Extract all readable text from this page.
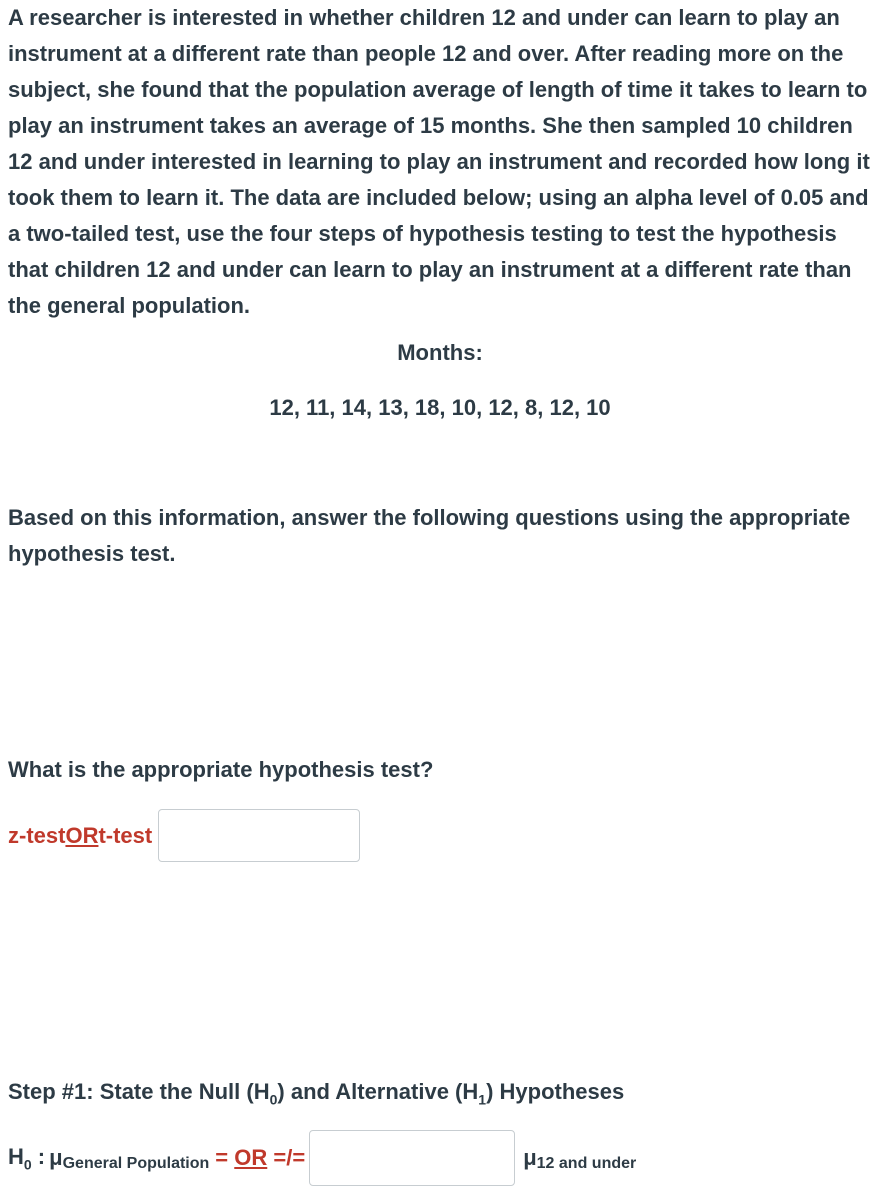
A researcher is interested in whether children 12 and under can learn to play an instrument at a different rate than people 12 and over. After reading more on the subject, she found that the population average of length of time it takes to learn to play an instrument takes an average of 15 months. She then sampled 10 children 12 and under interested in learning to play an instrument and recorded how long it took them to learn it. The data are included below; using an alpha level of 0.05 and a two-tailed test, use the four steps of hypothesis testing to test the hypothesis that children 12 and under can learn to play an instrument at a different rate than the general population.

Months:

12, 11, 14, 13, 18, 10, 12, 8, 12, 10

Based on this information, answer the following questions using the appropriate hypothesis test.

What is the appropriate hypothesis test?

z-test OR t-test

Step #1: State the Null $(H_0)$ and Alternative $(H_1)$ Hypotheses

$H_0$ : μ General Population = OR =/=	μ 12 and under
